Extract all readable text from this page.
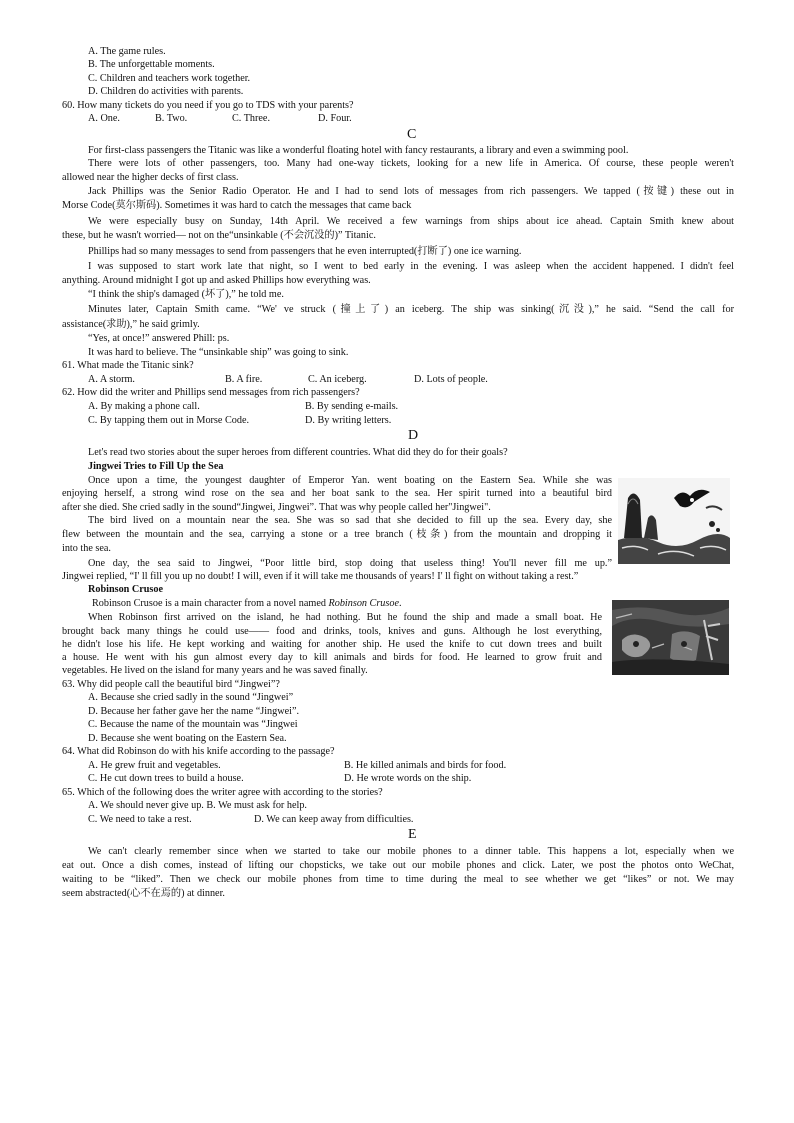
A. The game rules.
B. The unforgettable moments.
C. Children and teachers work together.
D. Children do activities with parents.
60. How many tickets do you need if you go to TDS with your parents?
A. One.	B. Two.	C. Three.	D. Four.
C
For first-class passengers the Titanic was like a wonderful floating hotel with fancy restaurants, a library and even a swimming pool.
There were lots of other passengers, too. Many had one-way tickets, looking for a new life in America. Of course, these people weren't
allowed near the higher decks of first class.
Jack Phillips was the Senior Radio Operator. He and I had to send lots of messages from rich passengers. We tapped (按键) these out in
Morse Code(莫尔斯码). Sometimes it was hard to catch the messages that came back
We were especially busy on Sunday, 14th April. We received a few warnings from ships about ice ahead. Captain Smith knew about
these, but he wasn't worried— not on the“unsinkable (不会沉没的)” Titanic.
Phillips had so many messages to send from passengers that he even interrupted(打断了) one ice warning.
I was supposed to start work late that night, so I went to bed early in the evening. I was asleep when the accident happened. I didn't feel
anything. Around midnight I got up and asked Phillips how everything was.
“I think the ship's damaged (坏了),” he told me.
Minutes later, Captain Smith came. “We' ve struck (撞上了) an iceberg. The ship was sinking(沉没),” he said. “Send the call for
assistance(求助),” he said grimly.
“Yes, at once!” answered Phill: ps.
It was hard to believe. The “unsinkable ship” was going to sink.
61. What made the Titanic sink?
A. A storm.	B. A fire.	C. An iceberg.	D. Lots of people.
62. How did the writer and Phillips send messages from rich passengers?
A. By making a phone call.	B. By sending e-mails.
C. By tapping them out in Morse Code.	D. By writing letters.
D
Let's read two stories about the super heroes from different countries. What did they do for their goals?
Jingwei Tries to Fill Up the Sea
Once upon a time, the youngest daughter of Emperor Yan. went boating on the Eastern Sea. While she was
enjoying herself, a strong wind rose on the sea and her boat sank to the sea. Her spirit turned into a beautiful bird
after she died. She cried sadly in the sound“Jingwei, Jingwei”. That was why people called her"Jingwei".
The bird lived on a mountain near the sea. She was so sad that she decided to fill up the sea. Every day, she
flew between the mountain and the sea, carrying a stone or a tree branch (枝条) from the mountain and dropping it
into the sea.
One day, the sea said to Jingwei, “Poor little bird, stop doing that useless thing! You'll never fill me up.”
Jingwei replied, “I' ll fill you up no doubt! I will, even if it will take me thousands of years! I' ll fight on without taking a rest.”
Robinson Crusoe
Robinson Crusoe is a main character from a novel named Robinson Crusoe.
When Robinson first arrived on the island, he had nothing. But he found the ship and made a small boat. He
brought back many things he could use—— food and drinks, tools, knives and guns. Although he lost everything,
he didn't lose his life. He kept working and waiting for another ship. He used the knife to cut down trees and built
a house. He went with his gun almost every day to kill animals and birds for food. He learned to grow fruit and
vegetables. He lived on the island for many years and he was saved finally.
63. Why did people call the beautiful bird “Jingwei”?
A. Because she cried sadly in the sound “Jingwei”
D. Because her father gave her the name “Jingwei”.
C. Because the name of the mountain was “Jingwei
D. Because she went boating on the Eastern Sea.
64. What did Robinson do with his knife according to the passage?
A. He grew fruit and vegetables.	B. He killed animals and birds for food.
C. He cut down trees to build a house.	D. He wrote words on the ship.
65. Which of the following does the writer agree with according to the stories?
A. We should never give up. B. We must ask for help.
C. We need to take a rest.	D. We can keep away from difficulties.
E
We can't clearly remember since when we started to take our mobile phones to a dinner table. This happens a lot, especially when we
eat out. Once a dish comes, instead of lifting our chopsticks, we take out our mobile phones and click. Later, we post the photos onto WeChat,
waiting to be “liked”. Then we check our mobile phones from time to time during the meal to see whether we get “likes” or not. We may
seem abstracted(心不在焉的) at dinner.
